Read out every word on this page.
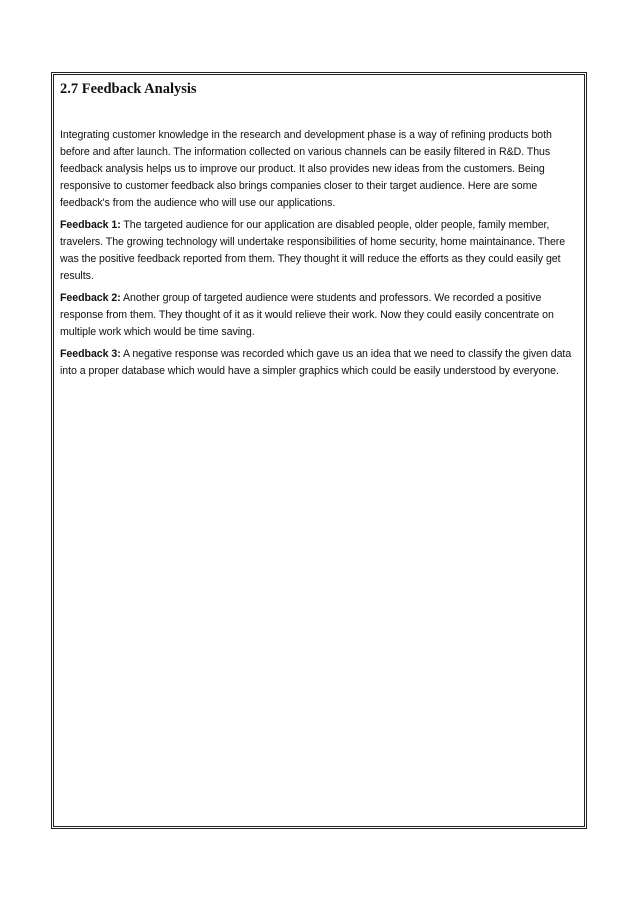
2.7 Feedback Analysis

Integrating customer knowledge in the research and development phase is a way of refining products both before and after launch. The information collected on various channels can be easily filtered in R&D. Thus feedback analysis helps us to improve our product. It also provides new ideas from the customers. Being responsive to customer feedback also brings companies closer to their target audience. Here are some feedback's from the audience who will use our applications.

Feedback 1: The targeted audience for our application are disabled people, older people, family member, travelers. The growing technology will undertake responsibilities of home security, home maintainance. There was the positive feedback reported from them. They thought it will reduce the efforts as they could easily get results.

Feedback 2: Another group of targeted audience were students and professors. We recorded a positive response from them. They thought of it as it would relieve their work. Now they could easily concentrate on multiple work which would be time saving.

Feedback 3: A negative response was recorded which gave us an idea that we need to classify the given data into a proper database which would have a simpler graphics which could be easily understood by everyone.
